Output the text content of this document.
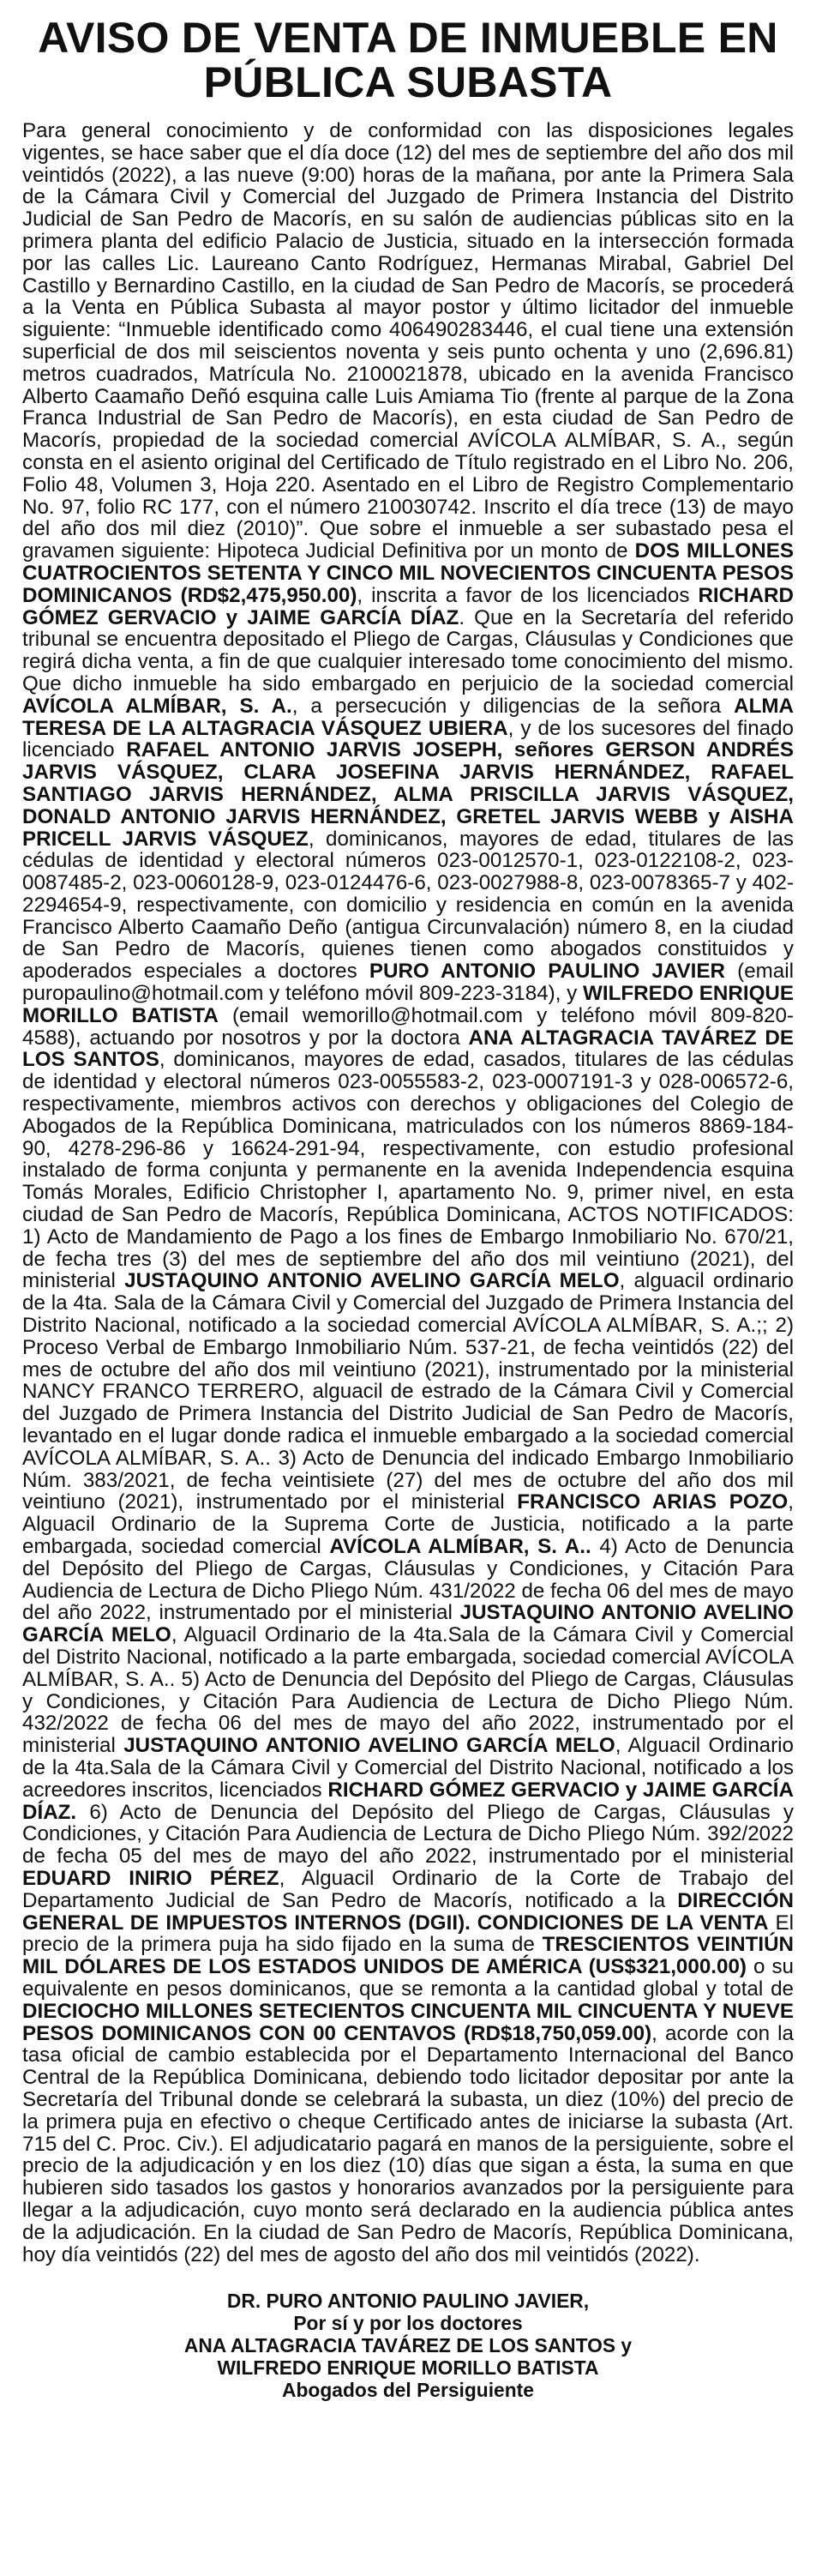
AVISO DE VENTA DE INMUEBLE EN
PÚBLICA SUBASTA

Para general conocimiento y de conformidad con las disposiciones legales vigentes, se hace saber que el día doce (12) del mes de septiembre del año dos mil veintidós (2022), a las nueve (9:00) horas de la mañana, por ante la Primera Sala de la Cámara Civil y Comercial del Juzgado de Primera Instancia del Distrito Judicial de San Pedro de Macorís, en su salón de audiencias públicas sito en la primera planta del edificio Palacio de Justicia, situado en la intersección formada por las calles Lic. Laureano Canto Rodríguez, Hermanas Mirabal, Gabriel Del Castillo y Bernardino Castillo, en la ciudad de San Pedro de Macorís, se procederá a la Venta en Pública Subasta al mayor postor y último licitador del inmueble siguiente: “Inmueble identificado como 406490283446, el cual tiene una extensión superficial de dos mil seiscientos noventa y seis punto ochenta y uno (2,696.81) metros cuadrados, Matrícula No. 2100021878, ubicado en la avenida Francisco Alberto Caamaño Deñó esquina calle Luis Amiama Tio (frente al parque de la Zona Franca Industrial de San Pedro de Macorís), en esta ciudad de San Pedro de Macorís, propiedad de la sociedad comercial AVÍCOLA ALMÍBAR, S. A., según consta en el asiento original del Certificado de Título registrado en el Libro No. 206, Folio 48, Volumen 3, Hoja 220. Asentado en el Libro de Registro Complementario No. 97, folio RC 177, con el número 210030742. Inscrito el día trece (13) de mayo del año dos mil diez (2010)”. Que sobre el inmueble a ser subastado pesa el gravamen siguiente: Hipoteca Judicial Definitiva por un monto de DOS MILLONES CUATROCIENTOS SETENTA Y CINCO MIL NOVECIENTOS CINCUENTA PESOS DOMINICANOS (RD$2,475,950.00), inscrita a favor de los licenciados RICHARD GÓMEZ GERVACIO y JAIME GARCÍA DÍAZ. Que en la Secretaría del referido tribunal se encuentra depositado el Pliego de Cargas, Cláusulas y Condiciones que regirá dicha venta, a fin de que cualquier interesado tome conocimiento del mismo. Que dicho inmueble ha sido embargado en perjuicio de la sociedad comercial AVÍCOLA ALMÍBAR, S. A., a persecución y diligencias de la señora ALMA TERESA DE LA ALTAGRACIA VÁSQUEZ UBIERA, y de los sucesores del finado licenciado RAFAEL ANTONIO JARVIS JOSEPH, señores GERSON ANDRÉS JARVIS VÁSQUEZ, CLARA JOSEFINA JARVIS HERNÁNDEZ, RAFAEL SANTIAGO JARVIS HERNÁNDEZ, ALMA PRISCILLA JARVIS VÁSQUEZ, DONALD ANTONIO JARVIS HERNÁNDEZ, GRETEL JARVIS WEBB y AISHA PRICELL JARVIS VÁSQUEZ, dominicanos, mayores de edad, titulares de las cédulas de identidad y electoral números 023-0012570-1, 023-0122108-2, 023-0087485-2, 023-0060128-9, 023-0124476-6, 023-0027988-8, 023-0078365-7 y 402-2294654-9, respectivamente, con domicilio y residencia en común en la avenida Francisco Alberto Caamaño Deño (antigua Circunvalación) número 8, en la ciudad de San Pedro de Macorís, quienes tienen como abogados constituidos y apoderados especiales a doctores PURO ANTONIO PAULINO JAVIER (email puropaulino@hotmail.com y teléfono móvil 809-223-3184), y WILFREDO ENRIQUE MORILLO BATISTA (email wemorillo@hotmail.com y teléfono móvil 809-820-4588), actuando por nosotros y por la doctora ANA ALTAGRACIA TAVÁREZ DE LOS SANTOS, dominicanos, mayores de edad, casados, titulares de las cédulas de identidad y electoral números 023-0055583-2, 023-0007191-3 y 028-006572-6, respectivamente, miembros activos con derechos y obligaciones del Colegio de Abogados de la República Dominicana, matriculados con los números 8869-184-90, 4278-296-86 y 16624-291-94, respectivamente, con estudio profesional instalado de forma conjunta y permanente en la avenida Independencia esquina Tomás Morales, Edificio Christopher I, apartamento No. 9, primer nivel, en esta ciudad de San Pedro de Macorís, República Dominicana, ACTOS NOTIFICADOS: 1) Acto de Mandamiento de Pago a los fines de Embargo Inmobiliario No. 670/21, de fecha tres (3) del mes de septiembre del año dos mil veintiuno (2021), del ministerial JUSTAQUINO ANTONIO AVELINO GARCÍA MELO, alguacil ordinario de la 4ta. Sala de la Cámara Civil y Comercial del Juzgado de Primera Instancia del Distrito Nacional, notificado a la sociedad comercial AVÍCOLA ALMÍBAR, S. A.;; 2) Proceso Verbal de Embargo Inmobiliario Núm. 537-21, de fecha veintidós (22) del mes de octubre del año dos mil veintiuno (2021), instrumentado por la ministerial NANCY FRANCO TERRERO, alguacil de estrado de la Cámara Civil y Comercial del Juzgado de Primera Instancia del Distrito Judicial de San Pedro de Macorís, levantado en el lugar donde radica el inmueble embargado a la sociedad comercial AVÍCOLA ALMÍBAR, S. A.. 3) Acto de Denuncia del indicado Embargo Inmobiliario Núm. 383/2021, de fecha veintisiete (27) del mes de octubre del año dos mil veintiuno (2021), instrumentado por el ministerial FRANCISCO ARIAS POZO, Alguacil Ordinario de la Suprema Corte de Justicia, notificado a la parte embargada, sociedad comercial AVÍCOLA ALMÍBAR, S. A.. 4) Acto de Denuncia del Depósito del Pliego de Cargas, Cláusulas y Condiciones, y Citación Para Audiencia de Lectura de Dicho Pliego Núm. 431/2022 de fecha 06 del mes de mayo del año 2022, instrumentado por el ministerial JUSTAQUINO ANTONIO AVELINO GARCÍA MELO, Alguacil Ordinario de la 4ta.Sala de la Cámara Civil y Comercial del Distrito Nacional, notificado a la parte embargada, sociedad comercial AVÍCOLA ALMÍBAR, S. A.. 5) Acto de Denuncia del Depósito del Pliego de Cargas, Cláusulas y Condiciones, y Citación Para Audiencia de Lectura de Dicho Pliego Núm. 432/2022 de fecha 06 del mes de mayo del año 2022, instrumentado por el ministerial JUSTAQUINO ANTONIO AVELINO GARCÍA MELO, Alguacil Ordinario de la 4ta.Sala de la Cámara Civil y Comercial del Distrito Nacional, notificado a los acreedores inscritos, licenciados RICHARD GÓMEZ GERVACIO y JAIME GARCÍA DÍAZ. 6) Acto de Denuncia del Depósito del Pliego de Cargas, Cláusulas y Condiciones, y Citación Para Audiencia de Lectura de Dicho Pliego Núm. 392/2022 de fecha 05 del mes de mayo del año 2022, instrumentado por el ministerial EDUARD INIRIO PÉREZ, Alguacil Ordinario de la Corte de Trabajo del Departamento Judicial de San Pedro de Macorís, notificado a la DIRECCIÓN GENERAL DE IMPUESTOS INTERNOS (DGII). CONDICIONES DE LA VENTA El precio de la primera puja ha sido fijado en la suma de TRESCIENTOS VEINTIÚN MIL DÓLARES DE LOS ESTADOS UNIDOS DE AMÉRICA (US$321,000.00) o su equivalente en pesos dominicanos, que se remonta a la cantidad global y total de DIECIOCHO MILLONES SETECIENTOS CINCUENTA MIL CINCUENTA Y NUEVE PESOS DOMINICANOS CON 00 CENTAVOS (RD$18,750,059.00), acorde con la tasa oficial de cambio establecida por el Departamento Internacional del Banco Central de la República Dominicana, debiendo todo licitador depositar por ante la Secretaría del Tribunal donde se celebrará la subasta, un diez (10%) del precio de la primera puja en efectivo o cheque Certificado antes de iniciarse la subasta (Art. 715 del C. Proc. Civ.). El adjudicatario pagará en manos de la persiguiente, sobre el precio de la adjudicación y en los diez (10) días que sigan a ésta, la suma en que hubieren sido tasados los gastos y honorarios avanzados por la persiguiente para llegar a la adjudicación, cuyo monto será declarado en la audiencia pública antes de la adjudicación. En la ciudad de San Pedro de Macorís, República Dominicana, hoy día veintidós (22) del mes de agosto del año dos mil veintidós (2022).

DR. PURO ANTONIO PAULINO JAVIER,
Por sí y por los doctores
ANA ALTAGRACIA TAVÁREZ DE LOS SANTOS y
WILFREDO ENRIQUE MORILLO BATISTA
Abogados del Persiguiente
